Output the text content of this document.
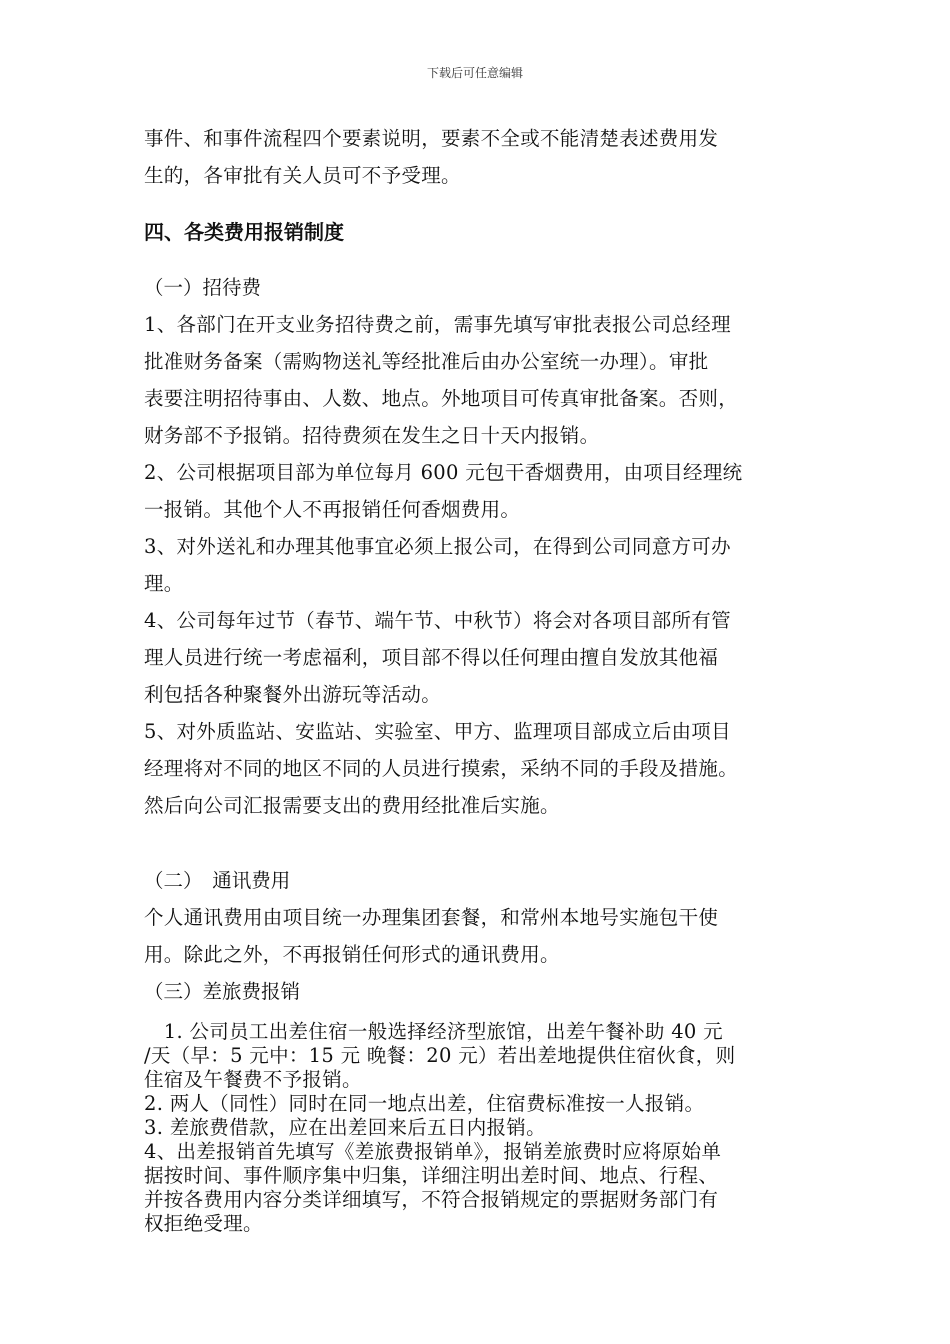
下载后可任意编辑

事件、和事件流程四个要素说明，要素不全或不能清楚表述费用发

生的，各审批有关人员可不予受理。

四、各类费用报销制度

（一）招待费

1、各部门在开支业务招待费之前，需事先填写审批表报公司总经理

批准财务备案（需购物送礼等经批准后由办公室统一办理）。审批

表要注明招待事由、人数、地点。外地项目可传真审批备案。否则，

财务部不予报销。招待费须在发生之日十天内报销。

2、公司根据项目部为单位每月 600 元包干香烟费用，由项目经理统

一报销。其他个人不再报销任何香烟费用。

3、对外送礼和办理其他事宜必须上报公司，在得到公司同意方可办

理。

4、公司每年过节（春节、端午节、中秋节）将会对各项目部所有管

理人员进行统一考虑福利，项目部不得以任何理由擅自发放其他福

利包括各种聚餐外出游玩等活动。

5、对外质监站、安监站、实验室、甲方、监理项目部成立后由项目

经理将对不同的地区不同的人员进行摸索，采纳不同的手段及措施。

然后向公司汇报需要支出的费用经批准后实施。

（二）　通讯费用

个人通讯费用由项目统一办理集团套餐，和常州本地号实施包干使

用。除此之外，不再报销任何形式的通讯费用。

（三）差旅费报销

　1. 公司员工出差住宿一般选择经济型旅馆，出差午餐补助 40 元

/天（早：5 元中：15 元 晚餐：20 元）若出差地提供住宿伙食，则

住宿及午餐费不予报销。

2. 两人（同性）同时在同一地点出差，住宿费标准按一人报销。

3. 差旅费借款，应在出差回来后五日内报销。

4、出差报销首先填写《差旅费报销单》，报销差旅费时应将原始单

据按时间、事件顺序集中归集，详细注明出差时间、地点、行程、

并按各费用内容分类详细填写，不符合报销规定的票据财务部门有

权拒绝受理。
